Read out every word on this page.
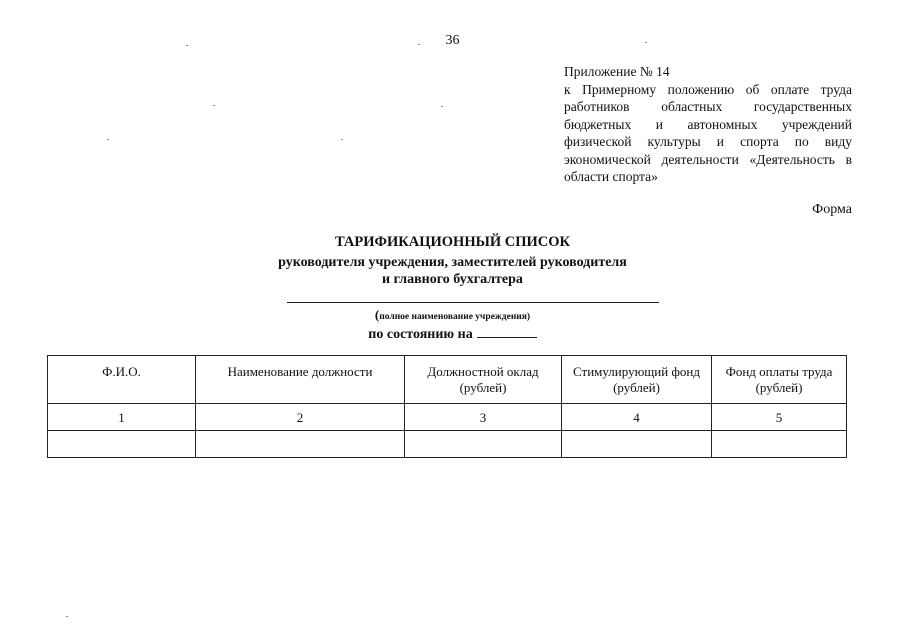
36

Приложение № 14

к Примерному положению об оплате труда работников областных государственных бюджетных и автономных учреждений физической культуры и спорта по виду экономической деятельности «Деятельность в области спорта»

Форма
ТАРИФИКАЦИОННЫЙ СПИСОК
руководителя учреждения, заместителей руководителя
и главного бухгалтера
(полное наименование учреждения)
по состоянию на
Ф.И.О.	Наименование должности	Должностной оклад (рублей)	Стимулирующий фонд (рублей)	Фонд оплаты труда (рублей)
1	2	3	4	5
